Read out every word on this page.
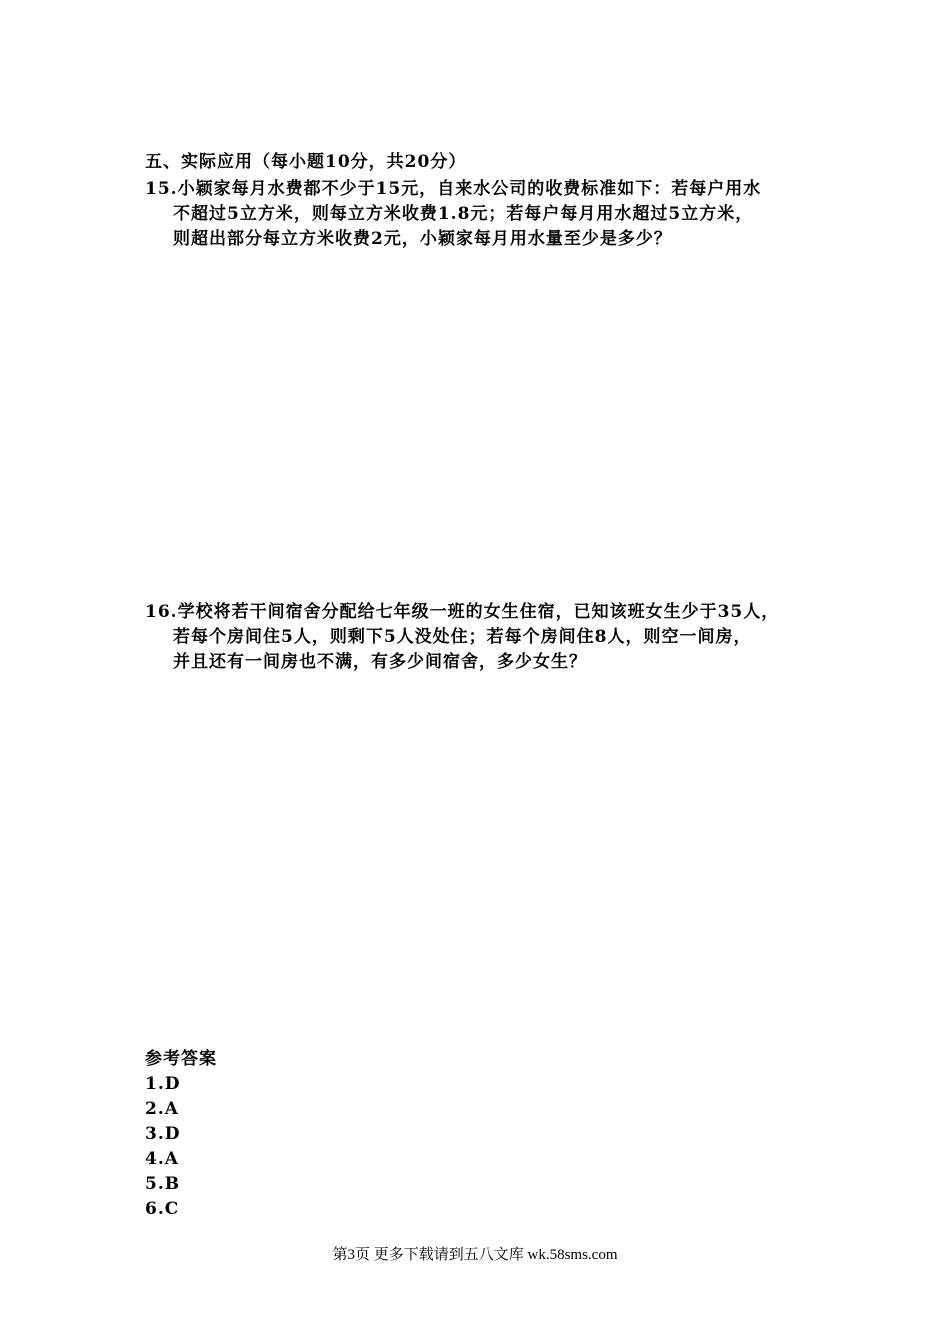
五、实际应用（每小题10分，共20分）
15.小颖家每月水费都不少于15元，自来水公司的收费标准如下：若每户用水
不超过5立方米，则每立方米收费1.8元；若每户每月用水超过5立方米，
则超出部分每立方米收费2元，小颖家每月用水量至少是多少？
16.学校将若干间宿舍分配给七年级一班的女生住宿，已知该班女生少于35人，
若每个房间住5人，则剩下5人没处住；若每个房间住8人，则空一间房，
并且还有一间房也不满，有多少间宿舍，多少女生？
参考答案
1.D
2.A
3.D
4.A
5.B
6.C
第3页 更多下载请到五八文库 wk.58sms.com
